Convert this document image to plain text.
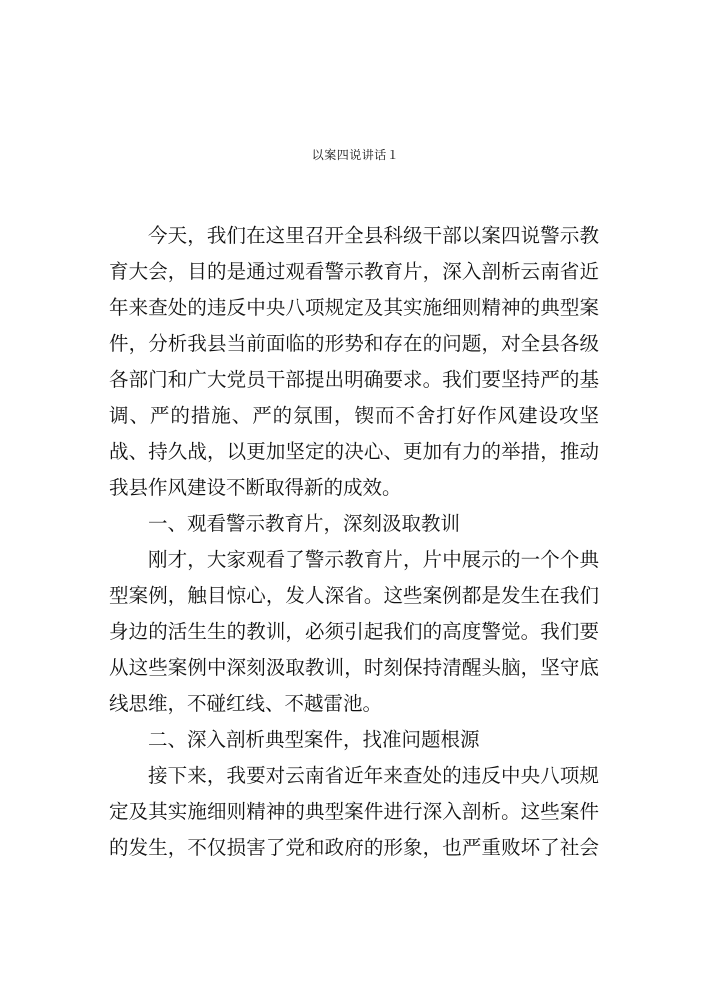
以案四说讲话１
今天，我们在这里召开全县科级干部以案四说警示教
育大会，目的是通过观看警示教育片，深入剖析云南省近
年来查处的违反中央八项规定及其实施细则精神的典型案
件，分析我县当前面临的形势和存在的问题，对全县各级
各部门和广大党员干部提出明确要求。我们要坚持严的基
调、严的措施、严的氛围，锲而不舍打好作风建设攻坚
战、持久战，以更加坚定的决心、更加有力的举措，推动
我县作风建设不断取得新的成效。
一、观看警示教育片，深刻汲取教训
刚才，大家观看了警示教育片，片中展示的一个个典
型案例，触目惊心，发人深省。这些案例都是发生在我们
身边的活生生的教训，必须引起我们的高度警觉。我们要
从这些案例中深刻汲取教训，时刻保持清醒头脑，坚守底
线思维，不碰红线、不越雷池。
二、深入剖析典型案件，找准问题根源
接下来，我要对云南省近年来查处的违反中央八项规
定及其实施细则精神的典型案件进行深入剖析。这些案件
的发生，不仅损害了党和政府的形象，也严重败坏了社会
